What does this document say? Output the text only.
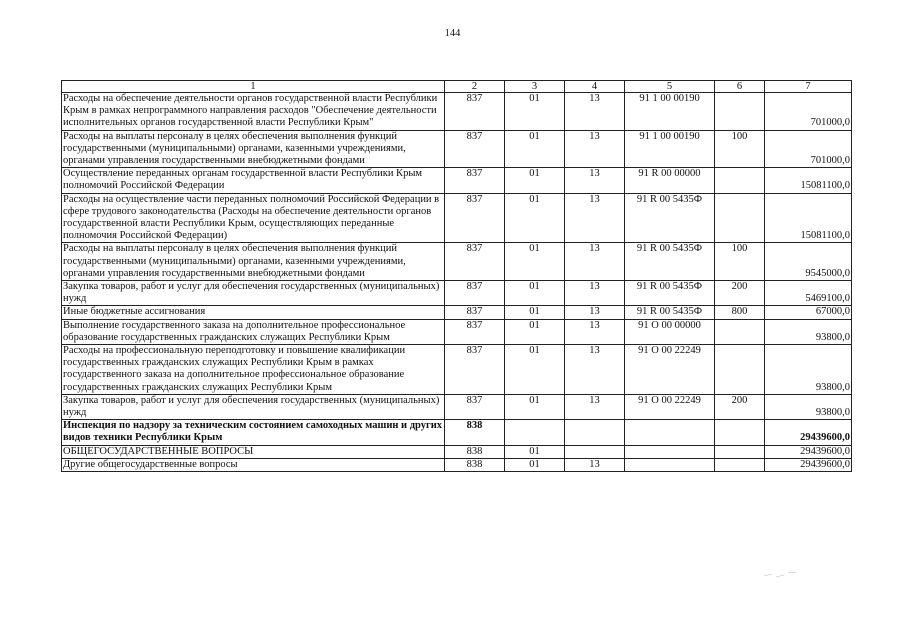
144
1	2	3	4	5	6	7
Расходы на обеспечение деятельности органов государственной власти Республики Крым в рамках непрограммного направления расходов "Обеспечение деятельности исполнительных органов государственной власти Республики Крым"	837	01	13	91 1 00 00190		701000,0
Расходы на выплаты персоналу в целях обеспечения выполнения функций государственными (муниципальными) органами, казенными учреждениями, органами управления государственными внебюджетными фондами	837	01	13	91 1 00 00190	100	701000,0
Осуществление переданных органам государственной власти Республики Крым полномочий Российской Федерации	837	01	13	91 R 00 00000		15081100,0
Расходы на осуществление части переданных полномочий Российской Федерации в сфере трудового законодательства (Расходы на обеспечение деятельности органов государственной власти Республики Крым, осуществляющих переданные полномочия Российской Федерации)	837	01	13	91 R 00 5435Ф		15081100,0
Расходы на выплаты персоналу в целях обеспечения выполнения функций государственными (муниципальными) органами, казенными учреждениями, органами управления государственными внебюджетными фондами	837	01	13	91 R 00 5435Ф	100	9545000,0
Закупка товаров, работ и услуг для обеспечения государственных (муниципальных) нужд	837	01	13	91 R 00 5435Ф	200	5469100,0
Иные бюджетные ассигнования	837	01	13	91 R 00 5435Ф	800	67000,0
Выполнение государственного заказа на дополнительное профессиональное образование государственных гражданских служащих Республики Крым	837	01	13	91 О 00 00000		93800,0
Расходы на профессиональную переподготовку и повышение квалификации государственных гражданских служащих Республики Крым в рамках государственного заказа на дополнительное профессиональное образование государственных гражданских служащих Республики Крым	837	01	13	91 О 00 22249		93800,0
Закупка товаров, работ и услуг для обеспечения государственных (муниципальных) нужд	837	01	13	91 О 00 22249	200	93800,0
Инспекция по надзору за техническим состоянием самоходных машин и других видов техники Республики Крым	838					29439600,0
ОБЩЕГОСУДАРСТВЕННЫЕ ВОПРОСЫ	838	01				29439600,0
Другие общегосударственные вопросы	838	01	13			29439600,0
